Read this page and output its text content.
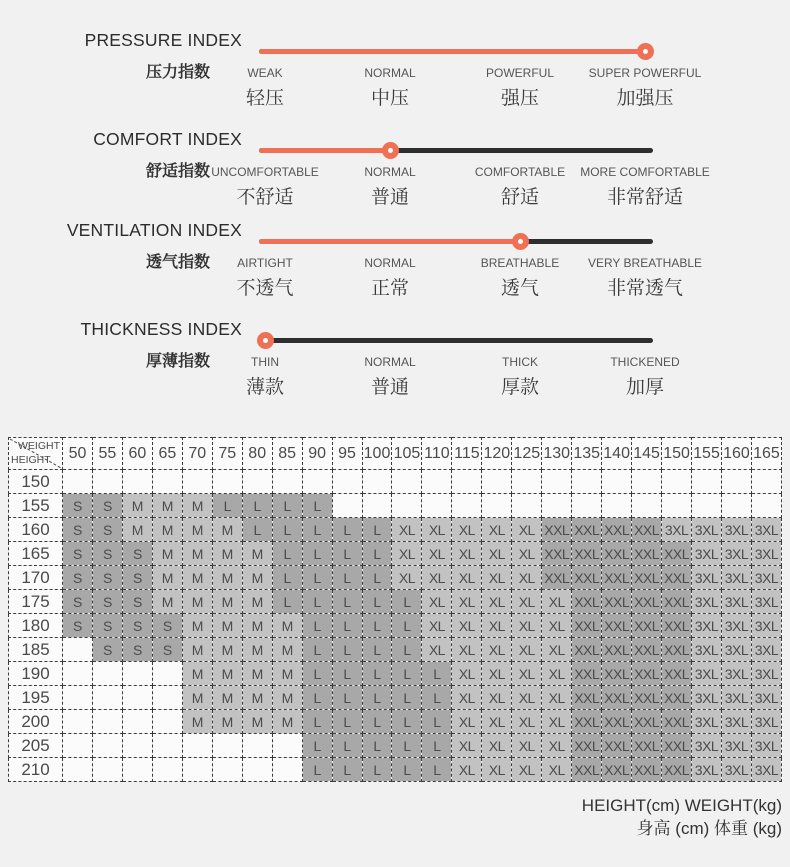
PRESSURE INDEX
压力指数	WEAK
轻压
NORMAL
中压
POWERFUL
强压
SUPER POWERFUL
加强压
COMFORT INDEX
舒适指数 UNCOMFORTABLE
不舒适
NORMAL
普通
COMFORTABLE
舒适
MORE COMFORTABLE
非常舒适
VENTILATION INDEX
透气指数 AIRTIGHT
不透气
NORMAL
正常
BREATHABLE
透气
VERY BREATHABLE
非常透气
THICKNESS INDEX
厚薄指数	THIN
薄款
NORMAL
普通
THICK
厚款
THICKENED
加厚
WEIGHT
HEIGHT	50	55	60	65	70	75	80	85	90	95	100	105	110	115	120	125	130	135	140	145	150	155	160	165
150																								
155	S	S	M	M	M	L	L	L	L															
160	S	S	M	M	M	M	L	L	L	L	L	XL	XL	XL	XL	XL	XXL	XXL	XXL	XXL	3XL	3XL	3XL	3XL
165	S	S	S	M	M	M	M	L	L	L	L	XL	XL	XL	XL	XL	XXL	XXL	XXL	XXL	XXL	3XL	3XL	3XL
170	S	S	S	M	M	M	M	L	L	L	L	XL	XL	XL	XL	XL	XXL	XXL	XXL	XXL	XXL	3XL	3XL	3XL
175	S	S	S	M	M	M	M	L	L	L	L	L	XL	XL	XL	XL	XL	XXL	XXL	XXL	XXL	3XL	3XL	3XL
180	S	S	S	S	M	M	M	M	L	L	L	L	XL	XL	XL	XL	XL	XXL	XXL	XXL	XXL	3XL	3XL	3XL
185		S	S	S	M	M	M	M	L	L	L	L	XL	XL	XL	XL	XL	XXL	XXL	XXL	XXL	3XL	3XL	3XL
190					M	M	M	M	L	L	L	L	L	XL	XL	XL	XL	XXL	XXL	XXL	XXL	3XL	3XL	3XL
195					M	M	M	M	L	L	L	L	L	XL	XL	XL	XL	XXL	XXL	XXL	XXL	3XL	3XL	3XL
200					M	M	M	M	L	L	L	L	L	XL	XL	XL	XL	XXL	XXL	XXL	XXL	3XL	3XL	3XL
205									L	L	L	L	L	XL	XL	XL	XL	XXL	XXL	XXL	XXL	3XL	3XL	3XL
210									L	L	L	L	L	XL	XL	XL	XL	XXL	XXL	XXL	XXL	3XL	3XL	3XL
HEIGHT(cm) WEIGHT(kg)
身高 (cm) 体重 (kg)
